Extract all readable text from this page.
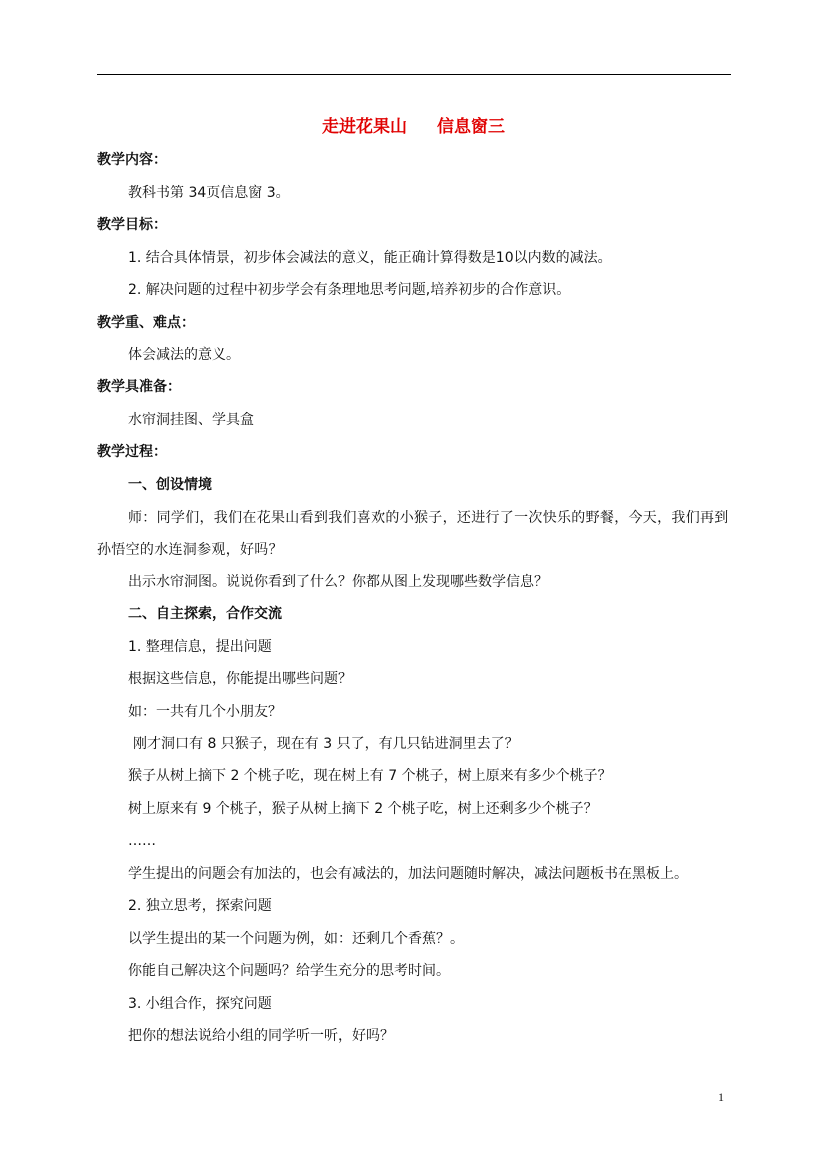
走进花果山 信息窗三
教学内容：
教科书第 34页信息窗 3。
教学目标：
1. 结合具体情景，初步体会减法的意义，能正确计算得数是10以内数的减法。
2. 解决问题的过程中初步学会有条理地思考问题,培养初步的合作意识。
教学重、难点：
体会减法的意义。
教学具准备：
水帘洞挂图、学具盒
教学过程：
一、创设情境
师：同学们，我们在花果山看到我们喜欢的小猴子，还进行了一次快乐的野餐，今天，我们再到孙悟空的水连洞参观，好吗？
出示水帘洞图。说说你看到了什么？你都从图上发现哪些数学信息？
二、自主探索，合作交流
1. 整理信息，提出问题
根据这些信息，你能提出哪些问题？
如：一共有几个小朋友？
刚才洞口有 8 只猴子，现在有 3 只了，有几只钻进洞里去了？
猴子从树上摘下 2 个桃子吃，现在树上有 7 个桃子，树上原来有多少个桃子？
树上原来有 9 个桃子，猴子从树上摘下 2 个桃子吃，树上还剩多少个桃子？
……
学生提出的问题会有加法的，也会有减法的，加法问题随时解决，减法问题板书在黑板上。
2. 独立思考，探索问题
以学生提出的某一个问题为例，如：还剩几个香蕉？。
你能自己解决这个问题吗？给学生充分的思考时间。
3. 小组合作，探究问题
把你的想法说给小组的同学听一听，好吗？
1
